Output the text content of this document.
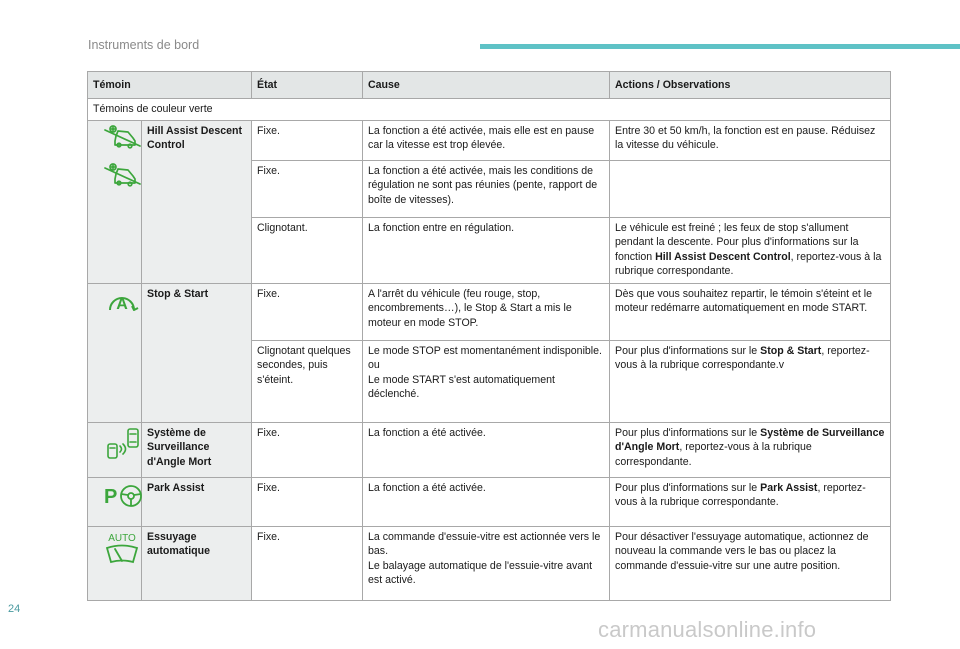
Instruments de bord
Témoin		État	Cause	Actions / Observations
Témoins de couleur verte				

	Hill Assist Descent Control	Fixe.	La fonction a été activée, mais elle est en pause car la vitesse est trop élevée.	Entre 30 et 50 km/h, la fonction est en pause. Réduisez la vitesse du véhicule.
		Fixe.	La fonction a été activée, mais les conditions de régulation ne sont pas réunies (pente, rapport de boîte de vitesses).	
		Clignotant.	La fonction entre en régulation.	Le véhicule est freiné ; les feux de stop s'allument pendant la descente. Pour plus d'informations sur la fonction Hill Assist Descent Control, reportez-vous à la rubrique correspondante.

A	Stop & Start	Fixe.	A l'arrêt du véhicule (feu rouge, stop, encombrements…), le Stop & Start a mis le moteur en mode STOP.	Dès que vous souhaitez repartir, le témoin s'éteint et le moteur redémarre automatiquement en mode START.
		Clignotant quelques secondes, puis s'éteint.	Le mode STOP est momentanément indisponible.
ou
Le mode START s'est automatiquement déclenché.	Pour plus d'informations sur le Stop & Start, reportez-vous à la rubrique correspondante.v

	Système de Surveillance d'Angle Mort	Fixe.	La fonction a été activée.	Pour plus d'informations sur le Système de Surveillance d'Angle Mort, reportez-vous à la rubrique correspondante.

P	Park Assist	Fixe.	La fonction a été activée.	Pour plus d'informations sur le Park Assist, reportez-vous à la rubrique correspondante.

AUTO	Essuyage automatique	Fixe.	La commande d'essuie-vitre est actionnée vers le bas.
Le balayage automatique de l'essuie-vitre avant est activé.	Pour désactiver l'essuyage automatique, actionnez de nouveau la commande vers le bas ou placez la commande d'essuie-vitre sur une autre position.
24
carmanualsonline.info
